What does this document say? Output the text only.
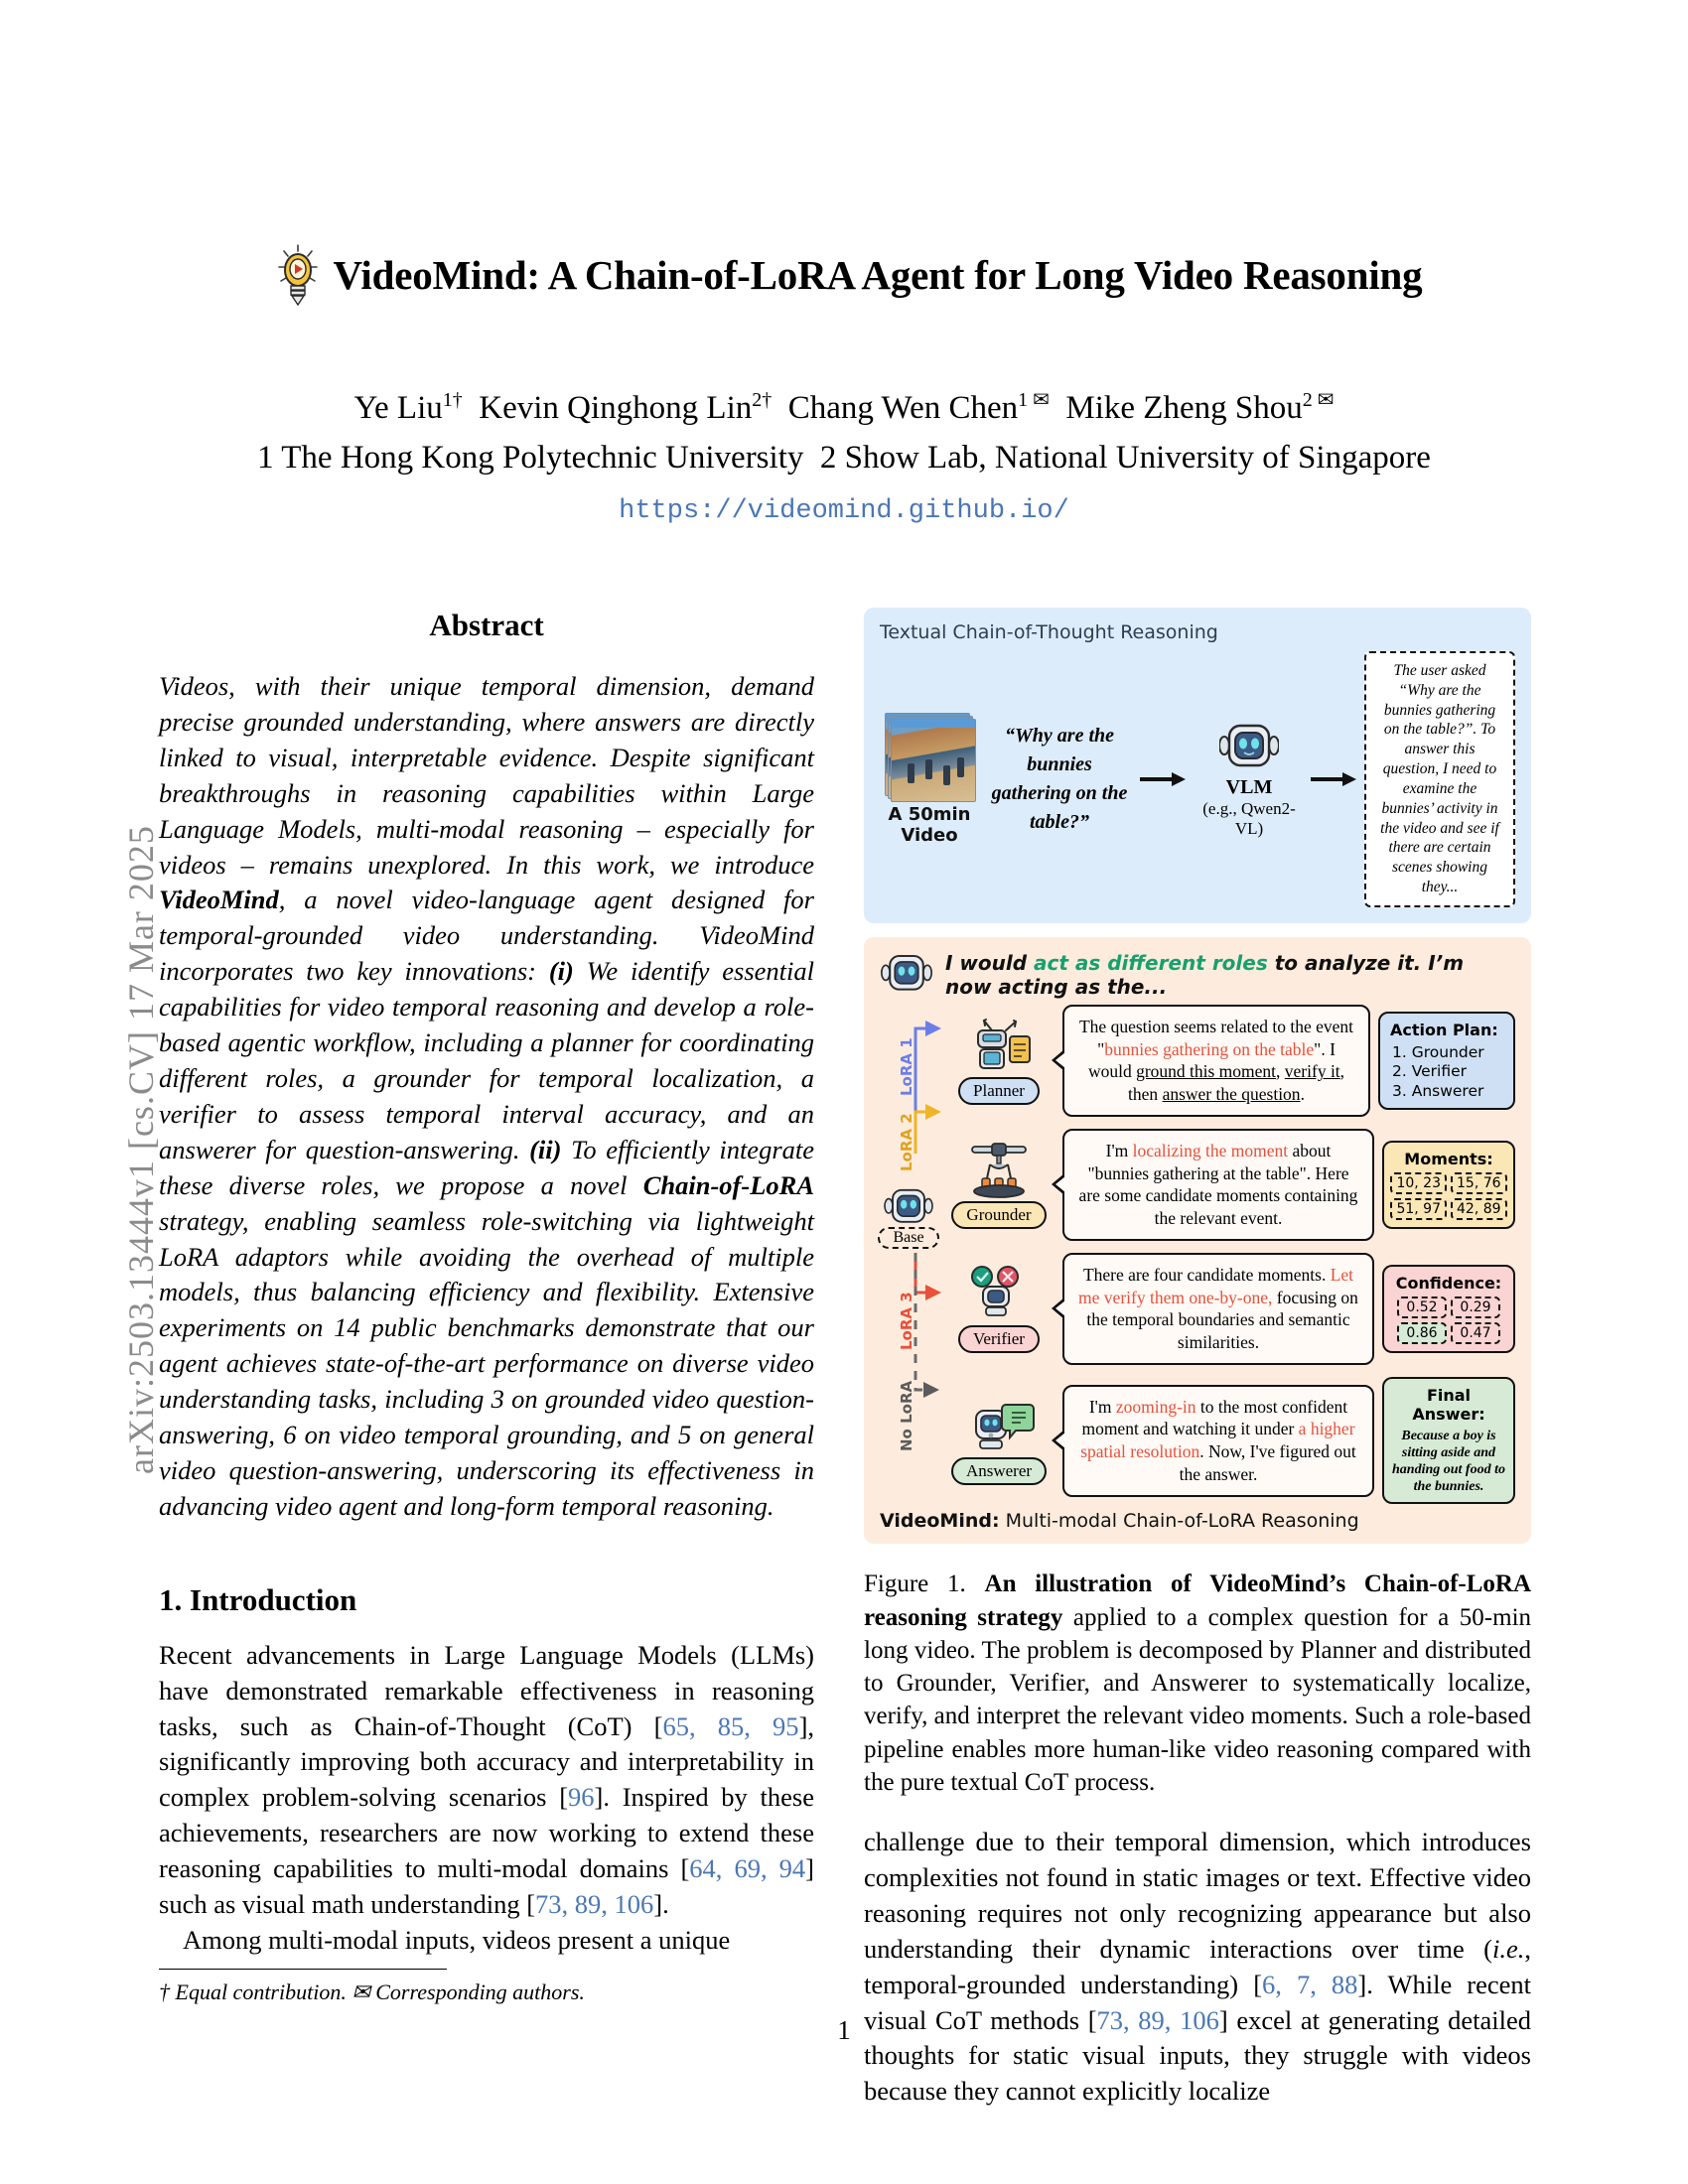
arXiv:2503.13444v1 [cs.CV] 17 Mar 2025
VideoMind: A Chain-of-LoRA Agent for Long Video Reasoning
Ye Liu$^{1\dagger}$  Kevin Qinghong Lin$^{2\dagger}$  Chang Wen Chen$^{1 ✉}$  Mike Zheng Shou$^{2 ✉}$
1 The Hong Kong Polytechnic University  2 Show Lab, National University of Singapore
https://videomind.github.io/
Abstract
Videos, with their unique temporal dimension, demand precise grounded understanding, where answers are directly linked to visual, interpretable evidence. Despite significant breakthroughs in reasoning capabilities within Large Language Models, multi-modal reasoning – especially for videos – remains unexplored. In this work, we introduce VideoMind, a novel video-language agent designed for temporal-grounded video understanding. VideoMind incorporates two key innovations: (i) We identify essential capabilities for video temporal reasoning and develop a role-based agentic workflow, including a planner for coordinating different roles, a grounder for temporal localization, a verifier to assess temporal interval accuracy, and an answerer for question-answering. (ii) To efficiently integrate these diverse roles, we propose a novel Chain-of-LoRA strategy, enabling seamless role-switching via lightweight LoRA adaptors while avoiding the overhead of multiple models, thus balancing efficiency and flexibility. Extensive experiments on 14 public benchmarks demonstrate that our agent achieves state-of-the-art performance on diverse video understanding tasks, including 3 on grounded video question-answering, 6 on video temporal grounding, and 5 on general video question-answering, underscoring its effectiveness in advancing video agent and long-form temporal reasoning.
1. Introduction

Recent advancements in Large Language Models (LLMs) have demonstrated remarkable effectiveness in reasoning tasks, such as Chain-of-Thought (CoT) [65, 85, 95], significantly improving both accuracy and interpretability in complex problem-solving scenarios [96]. Inspired by these achievements, researchers are now working to extend these reasoning capabilities to multi-modal domains [64, 69, 94] such as visual math understanding [73, 89, 106].

Among multi-modal inputs, videos present a unique

† Equal contribution. ✉ Corresponding authors.
Textual Chain-of-Thought Reasoning
A 50min Video
“Why are the bunnies gathering on the table?”
VLM
(e.g., Qwen2-VL)
The user asked “Why are the bunnies gathering on the table?”. To answer this question, I need to examine the bunnies’ activity in the video and see if there are certain scenes showing they...
I would act as different roles to analyze it. I’m now acting as the...
LoRA 1
LoRA 2
LoRA 3
No LoRA
Base
Planner
The question seems related to the event "bunnies gathering on the table". I would ground this moment, verify it, then answer the question.
Action Plan:
1. Grounder
2. Verifier
3. Answerer
Grounder
I'm localizing the moment about "bunnies gathering at the table". Here are some candidate moments containing the relevant event.
Moments:
10, 23	15, 76
51, 97	42, 89
Verifier
There are four candidate moments. Let me verify them one-by-one, focusing on the temporal boundaries and semantic similarities.
Confidence:
0.52	0.29
0.86	0.47
Answerer
I'm zooming-in to the most confident moment and watching it under a higher spatial resolution. Now, I've figured out the answer.
Final Answer:
Because a boy is sitting aside and handing out food to the bunnies.
VideoMind: Multi-modal Chain-of-LoRA Reasoning
Figure 1. An illustration of VideoMind’s Chain-of-LoRA reasoning strategy applied to a complex question for a 50-min long video. The problem is decomposed by Planner and distributed to Grounder, Verifier, and Answerer to systematically localize, verify, and interpret the relevant video moments. Such a role-based pipeline enables more human-like video reasoning compared with the pure textual CoT process.

challenge due to their temporal dimension, which introduces complexities not found in static images or text. Effective video reasoning requires not only recognizing appearance but also understanding their dynamic interactions over time (i.e., temporal-grounded understanding) [6, 7, 88]. While recent visual CoT methods [73, 89, 106] excel at generating detailed thoughts for static visual inputs, they struggle with videos because they cannot explicitly localize

1
